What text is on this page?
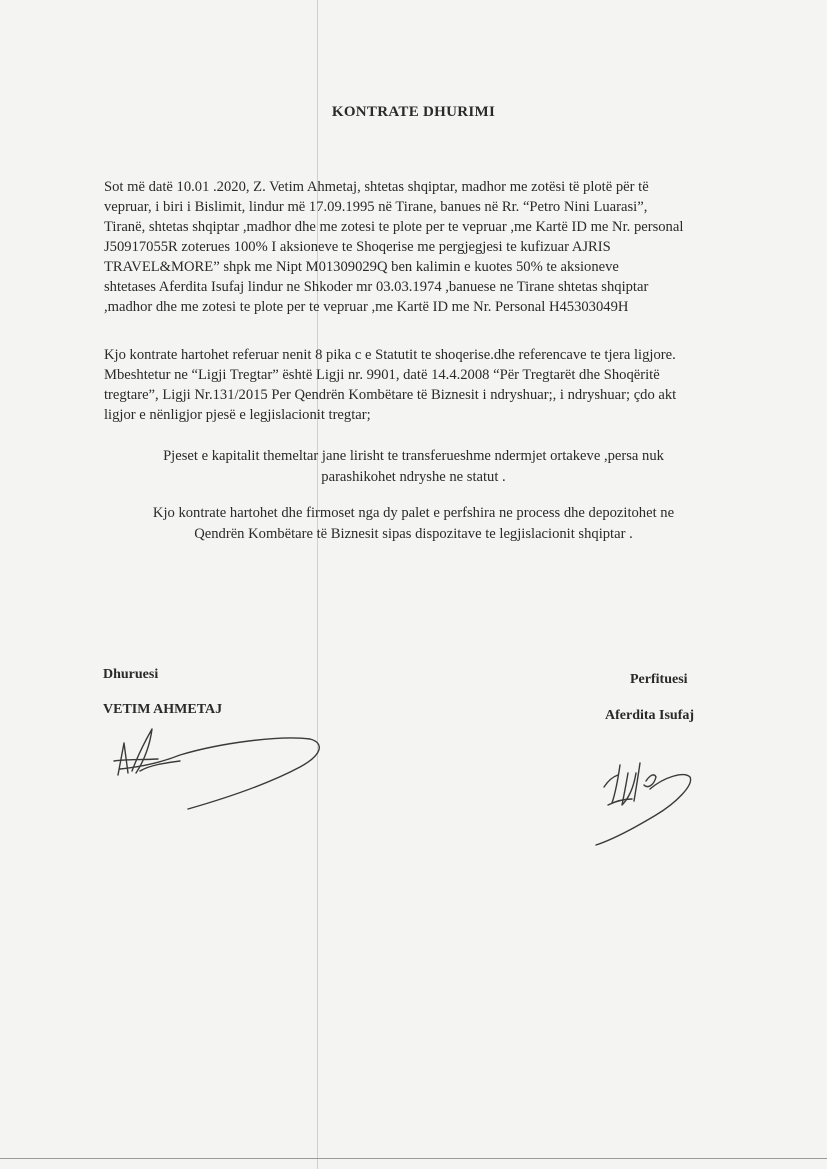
KONTRATE DHURIMI
Sot më datë 10.01 .2020, Z. Vetim Ahmetaj, shtetas shqiptar, madhor me zotësi të plotë për të
vepruar, i biri i Bislimit, lindur më 17.09.1995 në Tirane, banues në Rr. “Petro Nini Luarasi”,
Tiranë, shtetas shqiptar ,madhor dhe me zotesi te plote per te vepruar ,me Kartë ID me Nr. personal
J50917055R zoterues 100% I aksioneve te Shoqerise me pergjegjesi te kufizuar AJRIS
TRAVEL&MORE” shpk me Nipt M01309029Q ben kalimin e kuotes 50% te aksioneve
shtetases Aferdita Isufaj lindur ne Shkoder mr 03.03.1974 ,banuese ne Tirane shtetas shqiptar
,madhor dhe me zotesi te plote per te vepruar ,me Kartë ID me Nr. Personal H45303049H
Kjo kontrate hartohet referuar nenit 8 pika c e Statutit te shoqerise.dhe referencave te tjera ligjore.
Mbeshtetur ne “Ligji Tregtar” është Ligji nr. 9901, datë 14.4.2008 “Për Tregtarët dhe Shoqëritë
tregtare”, Ligji Nr.131/2015 Per Qendrën Kombëtare të Biznesit i ndryshuar;, i ndryshuar; çdo akt
ligjor e nënligjor pjesë e legjislacionit tregtar;
Pjeset e kapitalit themeltar jane lirisht te transferueshme ndermjet ortakeve ,persa nuk
parashikohet ndryshe ne statut .
Kjo kontrate hartohet dhe firmoset nga dy palet e perfshira ne process dhe depozitohet ne
Qendrën Kombëtare të Biznesit sipas dispozitave te legjislacionit shqiptar .
Dhuruesi
VETIM AHMETAJ
Perfituesi
Aferdita Isufaj
